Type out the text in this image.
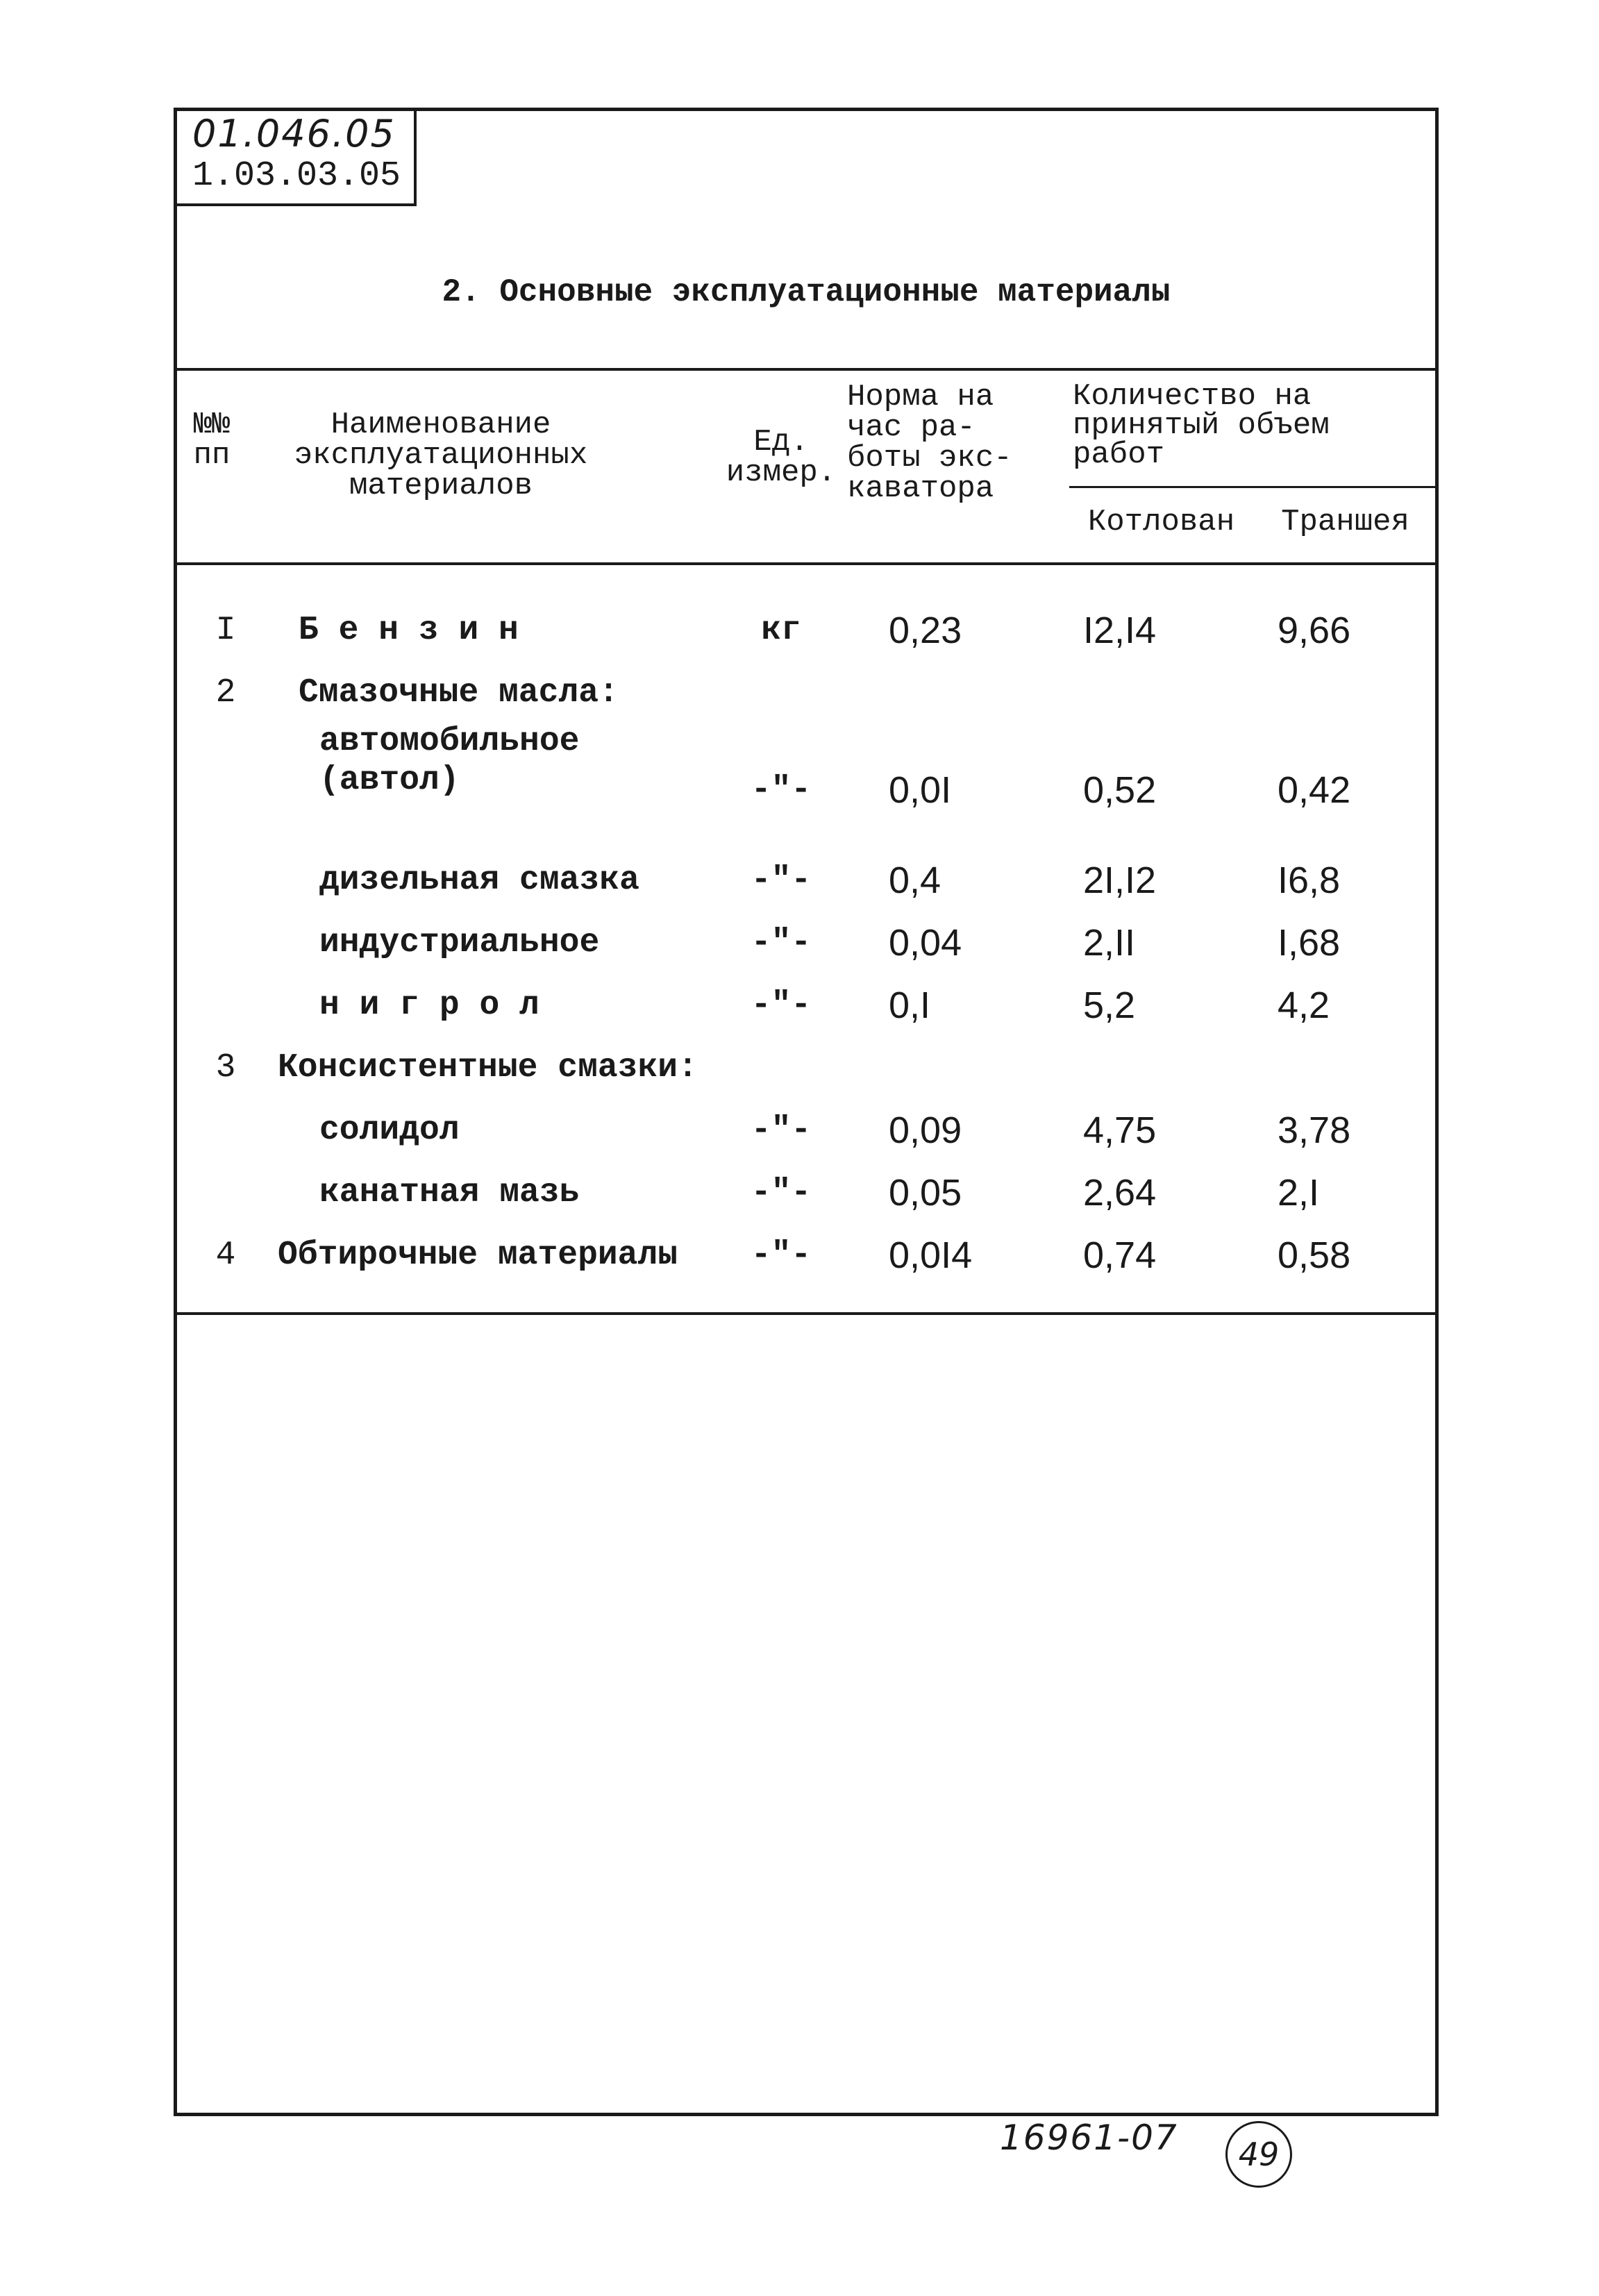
01.046.05
1.03.03.05
2. Основные эксплуатационные материалы
№№
пп
Наименование
эксплуатационных
материалов
Ед.
измер.
Норма на
час ра-
боты экс-
каватора
Количество на
принятый объем
работ
Котлован	Траншея
I	Б е н з и н	кг	0,23	I2,I4	9,66
2	Смазочные масла:
автомобильное
(автол)	-"-	0,0I	0,52	0,42
дизельная смазка	-"-	0,4	2I,I2	I6,8
индустриальное	-"-	0,04	2,II	I,68
н и г р о л	-"-	0,I	5,2	4,2
3	Консистентные смазки:
солидол	-"-	0,09	4,75	3,78
канатная мазь	-"-	0,05	2,64	2,I
4	Обтирочные материалы	-"-	0,0I4	0,74	0,58
16961-07	49
